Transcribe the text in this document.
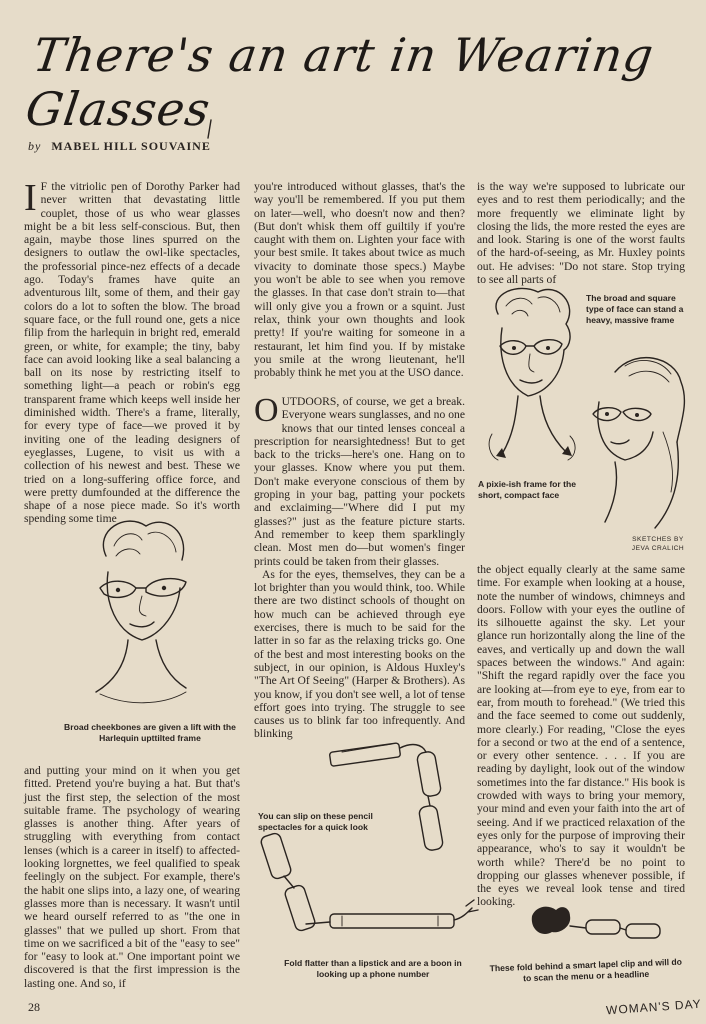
There's an art in Wearing Glasses
by MABEL HILL SOUVAINE
I F the vitriolic pen of Dorothy Parker had never written that devastating little couplet, those of us who wear glasses might be a bit less self-conscious. But, then again, maybe those lines spurred on the designers to outlaw the owl-like spectacles, the professorial pince-nez effects of a decade ago. Today's frames have quite an adventurous lilt, some of them, and their gay colors do a lot to soften the blow. The broad square face, or the full round one, gets a nice filip from the harlequin in bright red, emerald green, or white, for example; the tiny, baby face can avoid looking like a seal balancing a ball on its nose by restricting itself to something light—a peach or robin's egg transparent frame which keeps well inside her diminished width. There's a frame, literally, for every type of face—we proved it by inviting one of the leading designers of eyeglasses, Lugene, to visit us with a collection of his newest and best. These we tried on a long-suffering office force, and were pretty dumfounded at the difference the shape of a nose piece made. So it's worth spending some time
you're introduced without glasses, that's the way you'll be remembered. If you put them on later—well, who doesn't now and then? (But don't whisk them off guiltily if you're caught with them on. Lighten your face with your best smile. It takes about twice as much vivacity to dominate those specs.) Maybe you won't be able to see when you remove the glasses. In that case don't strain to—that will only give you a frown or a squint. Just relax, think your own thoughts and look pretty! If you're waiting for someone in a restaurant, let him find you. If by mistake you smile at the wrong lieutenant, he'll probably think he met you at the USO dance.
O UTDOORS, of course, we get a break. Everyone wears sunglasses, and no one knows that our tinted lenses conceal a prescription for nearsightedness! But to get back to the tricks—here's one. Hang on to your glasses. Know where you put them. Don't make everyone conscious of them by groping in your bag, patting your pockets and exclaiming—"Where did I put my glasses?" just as the feature picture starts. And remember to keep them sparklingly clean. Most men do—but women's finger prints could be taken from their glasses.

As for the eyes, themselves, they can be a lot brighter than you would think, too. While there are two distinct schools of thought on how much can be achieved through eye exercises, there is much to be said for the latter in so far as the relaxing tricks go. One of the best and most interesting books on the subject, in our opinion, is Aldous Huxley's "The Art Of Seeing" (Harper & Brothers). As you know, if you don't see well, a lot of tense effort goes into trying. The struggle to see causes us to blink far too infrequently. And blinking

is the way we're supposed to lubricate our eyes and to rest them periodically; and the more frequently we eliminate light by closing the lids, the more rested the eyes are and look. Staring is one of the worst faults of the hard-of-seeing, as Mr. Huxley points out. He advises: "Do not stare. Stop trying to see all parts of
The broad and square type of face can stand a heavy, massive frame
A pixie-ish frame for the short, compact face
SKETCHES BY
JEVA CRALICH
the object equally clearly at the same same time. For example when looking at a house, note the number of windows, chimneys and doors. Follow with your eyes the outline of its silhouette against the sky. Let your glance run horizontally along the line of the eaves, and vertically up and down the wall spaces between the windows." And again: "Shift the regard rapidly over the face you are looking at—from eye to eye, from ear to ear, from mouth to forehead." (We tried this and the face seemed to come out suddenly, more clearly.) For reading, "Close the eyes for a second or two at the end of a sentence, or every other sentence. . . . If you are reading by daylight, look out of the window sometimes into the far distance." His book is crowded with ways to bring your memory, your mind and even your faith into the art of seeing. And if we practiced relaxation of the eyes only for the purpose of improving their appearance, who's to say it wouldn't be worth while? There'd be no point to dropping our glasses whenever possible, if the eyes we reveal look tense and tired looking.
Broad cheekbones are given a lift with the Harlequin upttilted frame
and putting your mind on it when you get fitted. Pretend you're buying a hat. But that's just the first step, the selection of the most suitable frame. The psychology of wearing glasses is another thing. After years of struggling with everything from contact lenses (which is a career in itself) to affected-looking lorgnettes, we feel qualified to speak feelingly on the subject. For example, there's the habit one slips into, a lazy one, of wearing glasses more than is necessary. It wasn't until we heard ourself referred to as "the one in glasses" that we pulled up short. From that time on we sacrificed a bit of the "easy to see" for "easy to look at." One important point we discovered is that the first impression is the lasting one. And so, if
You can slip on these pencil spectacles for a quick look
Fold flatter than a lipstick and are a boon in looking up a phone number
These fold behind a smart lapel clip and will do to scan the menu or a headline
28	WOMAN'S DAY
